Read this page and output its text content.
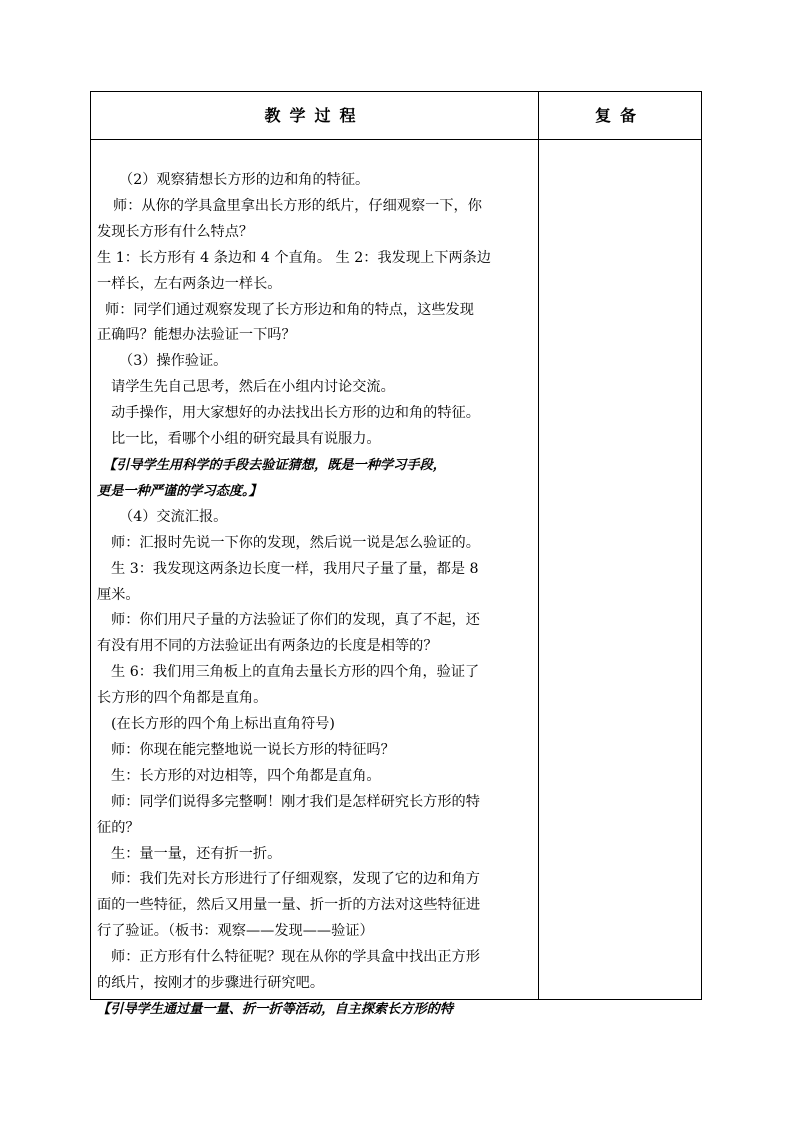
教学过程	复备

（2）观察猜想长方形的边和角的特征。

师：从你的学具盒里拿出长方形的纸片，仔细观察一下，你

发现长方形有什么特点？

生 1：长方形有 4 条边和 4 个直角。 生 2：我发现上下两条边

一样长，左右两条边一样长。

师：同学们通过观察发现了长方形边和角的特点，这些发现

正确吗？能想办法验证一下吗？

（3）操作验证。

请学生先自己思考，然后在小组内讨论交流。

动手操作，用大家想好的办法找出长方形的边和角的特征。

比一比，看哪个小组的研究最具有说服力。

【引导学生用科学的手段去验证猜想，既是一种学习手段，

更是一种严谨的学习态度。】

（4）交流汇报。

师：汇报时先说一下你的发现，然后说一说是怎么验证的。

生 3：我发现这两条边长度一样，我用尺子量了量，都是 8

厘米。

师：你们用尺子量的方法验证了你们的发现，真了不起，还

有没有用不同的方法验证出有两条边的长度是相等的？

生 6：我们用三角板上的直角去量长方形的四个角，验证了

长方形的四个角都是直角。

(在长方形的四个角上标出直角符号)

师：你现在能完整地说一说长方形的特征吗？

生：长方形的对边相等，四个角都是直角。

师：同学们说得多完整啊！刚才我们是怎样研究长方形的特

征的？

生：量一量，还有折一折。

师：我们先对长方形进行了仔细观察，发现了它的边和角方

面的一些特征，然后又用量一量、折一折的方法对这些特征进

行了验证。（板书：观察——发现——验证）

师：正方形有什么特征呢？现在从你的学具盒中找出正方形

的纸片，按刚才的步骤进行研究吧。

【引导学生通过量一量、折一折等活动，自主探索长方形的特
